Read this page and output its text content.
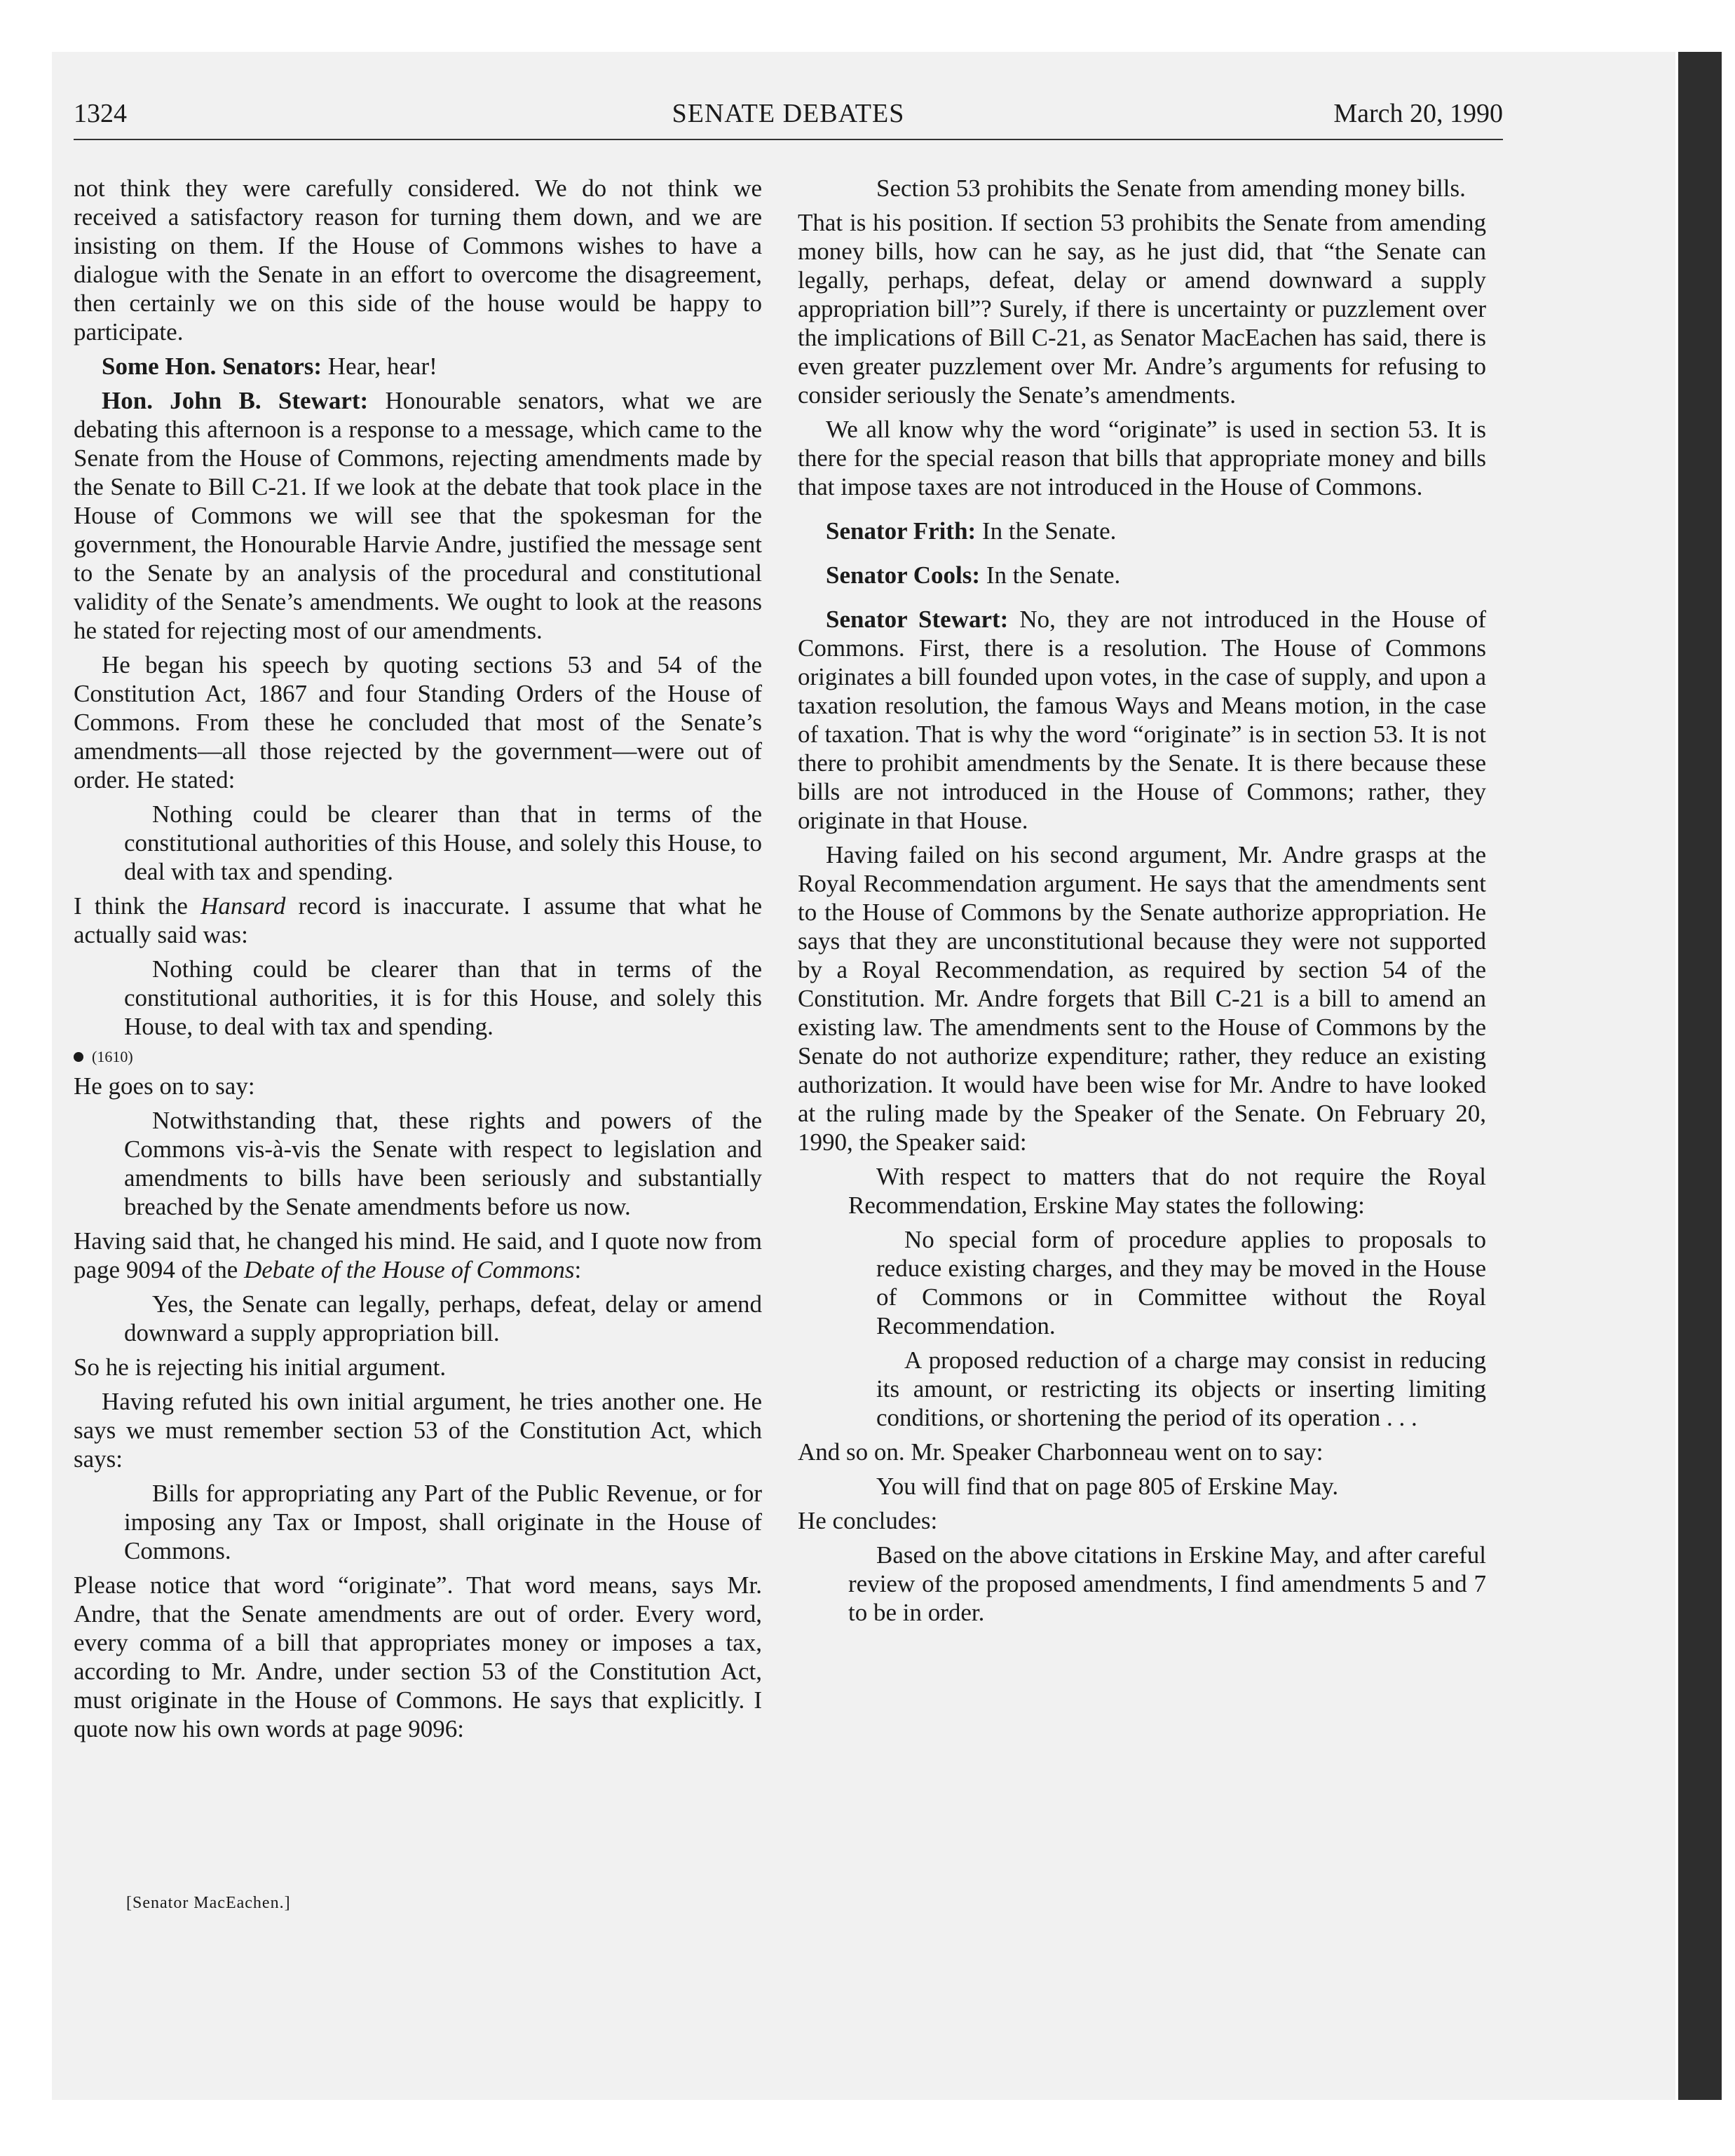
1324	SENATE DEBATES	March 20, 1990

not think they were carefully considered. We do not think we received a satisfactory reason for turning them down, and we are insisting on them. If the House of Commons wishes to have a dialogue with the Senate in an effort to overcome the disagreement, then certainly we on this side of the house would be happy to participate.

Some Hon. Senators: Hear, hear!

Hon. John B. Stewart: Honourable senators, what we are debating this afternoon is a response to a message, which came to the Senate from the House of Commons, rejecting amendments made by the Senate to Bill C-21. If we look at the debate that took place in the House of Commons we will see that the spokesman for the government, the Honourable Harvie Andre, justified the message sent to the Senate by an analysis of the procedural and constitutional validity of the Senate’s amendments. We ought to look at the reasons he stated for rejecting most of our amendments.

He began his speech by quoting sections 53 and 54 of the Constitution Act, 1867 and four Standing Orders of the House of Commons. From these he concluded that most of the Senate’s amendments—all those rejected by the government—were out of order. He stated:

Nothing could be clearer than that in terms of the constitutional authorities of this House, and solely this House, to deal with tax and spending.

I think the Hansard record is inaccurate. I assume that what he actually said was:

Nothing could be clearer than that in terms of the constitutional authorities, it is for this House, and solely this House, to deal with tax and spending.

(1610)

He goes on to say:

Notwithstanding that, these rights and powers of the Commons vis-à-vis the Senate with respect to legislation and amendments to bills have been seriously and substantially breached by the Senate amendments before us now.

Having said that, he changed his mind. He said, and I quote now from page 9094 of the Debate of the House of Commons:

Yes, the Senate can legally, perhaps, defeat, delay or amend downward a supply appropriation bill.

So he is rejecting his initial argument.

Having refuted his own initial argument, he tries another one. He says we must remember section 53 of the Constitution Act, which says:

Bills for appropriating any Part of the Public Revenue, or for imposing any Tax or Impost, shall originate in the House of Commons.

Please notice that word “originate”. That word means, says Mr. Andre, that the Senate amendments are out of order. Every word, every comma of a bill that appropriates money or imposes a tax, according to Mr. Andre, under section 53 of the Constitution Act, must originate in the House of Commons. He says that explicitly. I quote now his own words at page 9096:

[Senator MacEachen.]

Section 53 prohibits the Senate from amending money bills.

That is his position. If section 53 prohibits the Senate from amending money bills, how can he say, as he just did, that “the Senate can legally, perhaps, defeat, delay or amend downward a supply appropriation bill”? Surely, if there is uncertainty or puzzlement over the implications of Bill C-21, as Senator MacEachen has said, there is even greater puzzlement over Mr. Andre’s arguments for refusing to consider seriously the Senate’s amendments.

We all know why the word “originate” is used in section 53. It is there for the special reason that bills that appropriate money and bills that impose taxes are not introduced in the House of Commons.

Senator Frith: In the Senate.

Senator Cools: In the Senate.

Senator Stewart: No, they are not introduced in the House of Commons. First, there is a resolution. The House of Commons originates a bill founded upon votes, in the case of supply, and upon a taxation resolution, the famous Ways and Means motion, in the case of taxation. That is why the word “originate” is in section 53. It is not there to prohibit amendments by the Senate. It is there because these bills are not introduced in the House of Commons; rather, they originate in that House.

Having failed on his second argument, Mr. Andre grasps at the Royal Recommendation argument. He says that the amendments sent to the House of Commons by the Senate authorize appropriation. He says that they are unconstitutional because they were not supported by a Royal Recommendation, as required by section 54 of the Constitution. Mr. Andre forgets that Bill C-21 is a bill to amend an existing law. The amendments sent to the House of Commons by the Senate do not authorize expenditure; rather, they reduce an existing authorization. It would have been wise for Mr. Andre to have looked at the ruling made by the Speaker of the Senate. On February 20, 1990, the Speaker said:

With respect to matters that do not require the Royal Recommendation, Erskine May states the following:

No special form of procedure applies to proposals to reduce existing charges, and they may be moved in the House of Commons or in Committee without the Royal Recommendation.

A proposed reduction of a charge may consist in reducing its amount, or restricting its objects or inserting limiting conditions, or shortening the period of its operation . . .

And so on. Mr. Speaker Charbonneau went on to say:

You will find that on page 805 of Erskine May.

He concludes:

Based on the above citations in Erskine May, and after careful review of the proposed amendments, I find amendments 5 and 7 to be in order.
